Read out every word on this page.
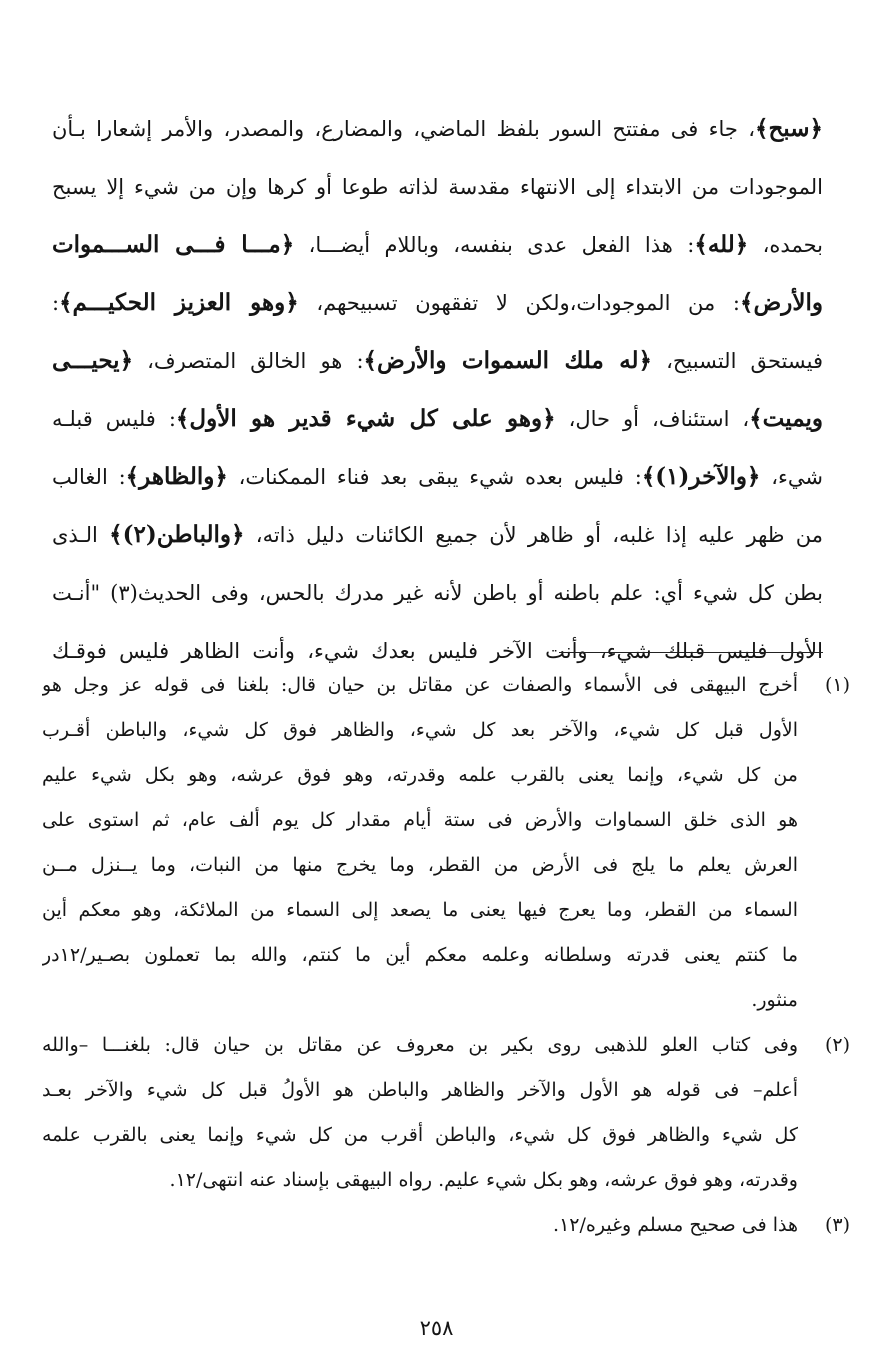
﴿سبح﴾، جاء فى مفتتح السور بلفظ الماضي، والمضارع، والمصدر، والأمر إشعارا بـأن
الموجودات من الابتداء إلى الانتهاء مقدسة لذاته طوعا أو كرها وإن من شيء إلا يسبح
بحمده، ﴿لله﴾: هذا الفعل عدى بنفسه، وباللام أيضـــا، ﴿مـــا فـــى الســـموات
والأرض﴾: من الموجودات،ولكن لا تفقهون تسبيحهم، ﴿وهو العزيز الحكيـــم﴾:
فيستحق التسبيح، ﴿له ملك السموات والأرض﴾: هو الخالق المتصرف، ﴿يحيـــى
ويميت﴾، استئناف، أو حال، ﴿وهو على كل شيء قدير هو الأول﴾: فليس قبلـه
شيء، ﴿والآخر(١)﴾: فليس بعده شيء يبقى بعد فناء الممكنات، ﴿والظاهر﴾: الغالب
من ظهر عليه إذا غلبه، أو ظاهر لأن جميع الكائنات دليل ذاته، ﴿والباطن(٢)﴾ الـذى
بطن كل شيء أي: علم باطنه أو باطن لأنه غير مدرك بالحس، وفى الحديث(٣) "أنـت
الأول فليس قبلك شيء، وأنت الآخر فليس بعدك شيء، وأنت الظاهر فليس فوقـك
(١)
أخرج البيهقى فى الأسماء والصفات عن مقاتل بن حيان قال: بلغنا فى قوله عز وجل هو
الأول قبل كل شيء، والآخر بعد كل شيء، والظاهر فوق كل شيء، والباطن أقـرب
من كل شيء، وإنما يعنى بالقرب علمه وقدرته، وهو فوق عرشه، وهو بكل شيء عليم
هو الذى خلق السماوات والأرض فى ستة أيام مقدار كل يوم ألف عام، ثم استوى على
العرش يعلم ما يلج فى الأرض من القطر، وما يخرج منها من النبات، وما يــنزل مــن
السماء من القطر، وما يعرج فيها يعنى ما يصعد إلى السماء من الملائكة، وهو معكم أين
ما كنتم يعنى قدرته وسلطانه وعلمه معكم أين ما كنتم، والله بما تعملون بصـير/١٢در
منثور.
(٢)
وفى كتاب العلو للذهبى روى بكير بن معروف عن مقاتل بن حيان قال: بلغنـــا –والله
أعلم– فى قوله هو الأول والآخر والظاهر والباطن هو الأولُ قبل كل شيء والآخر بعـد
كل شيء والظاهر فوق كل شيء، والباطن أقرب من كل شيء وإنما يعنى بالقرب علمه
وقدرته، وهو فوق عرشه، وهو بكل شيء عليم. رواه البيهقى بإسناد عنه انتهى/١٢.
(٣)
هذا فى صحيح مسلم وغيره/١٢.
٢٥٨
